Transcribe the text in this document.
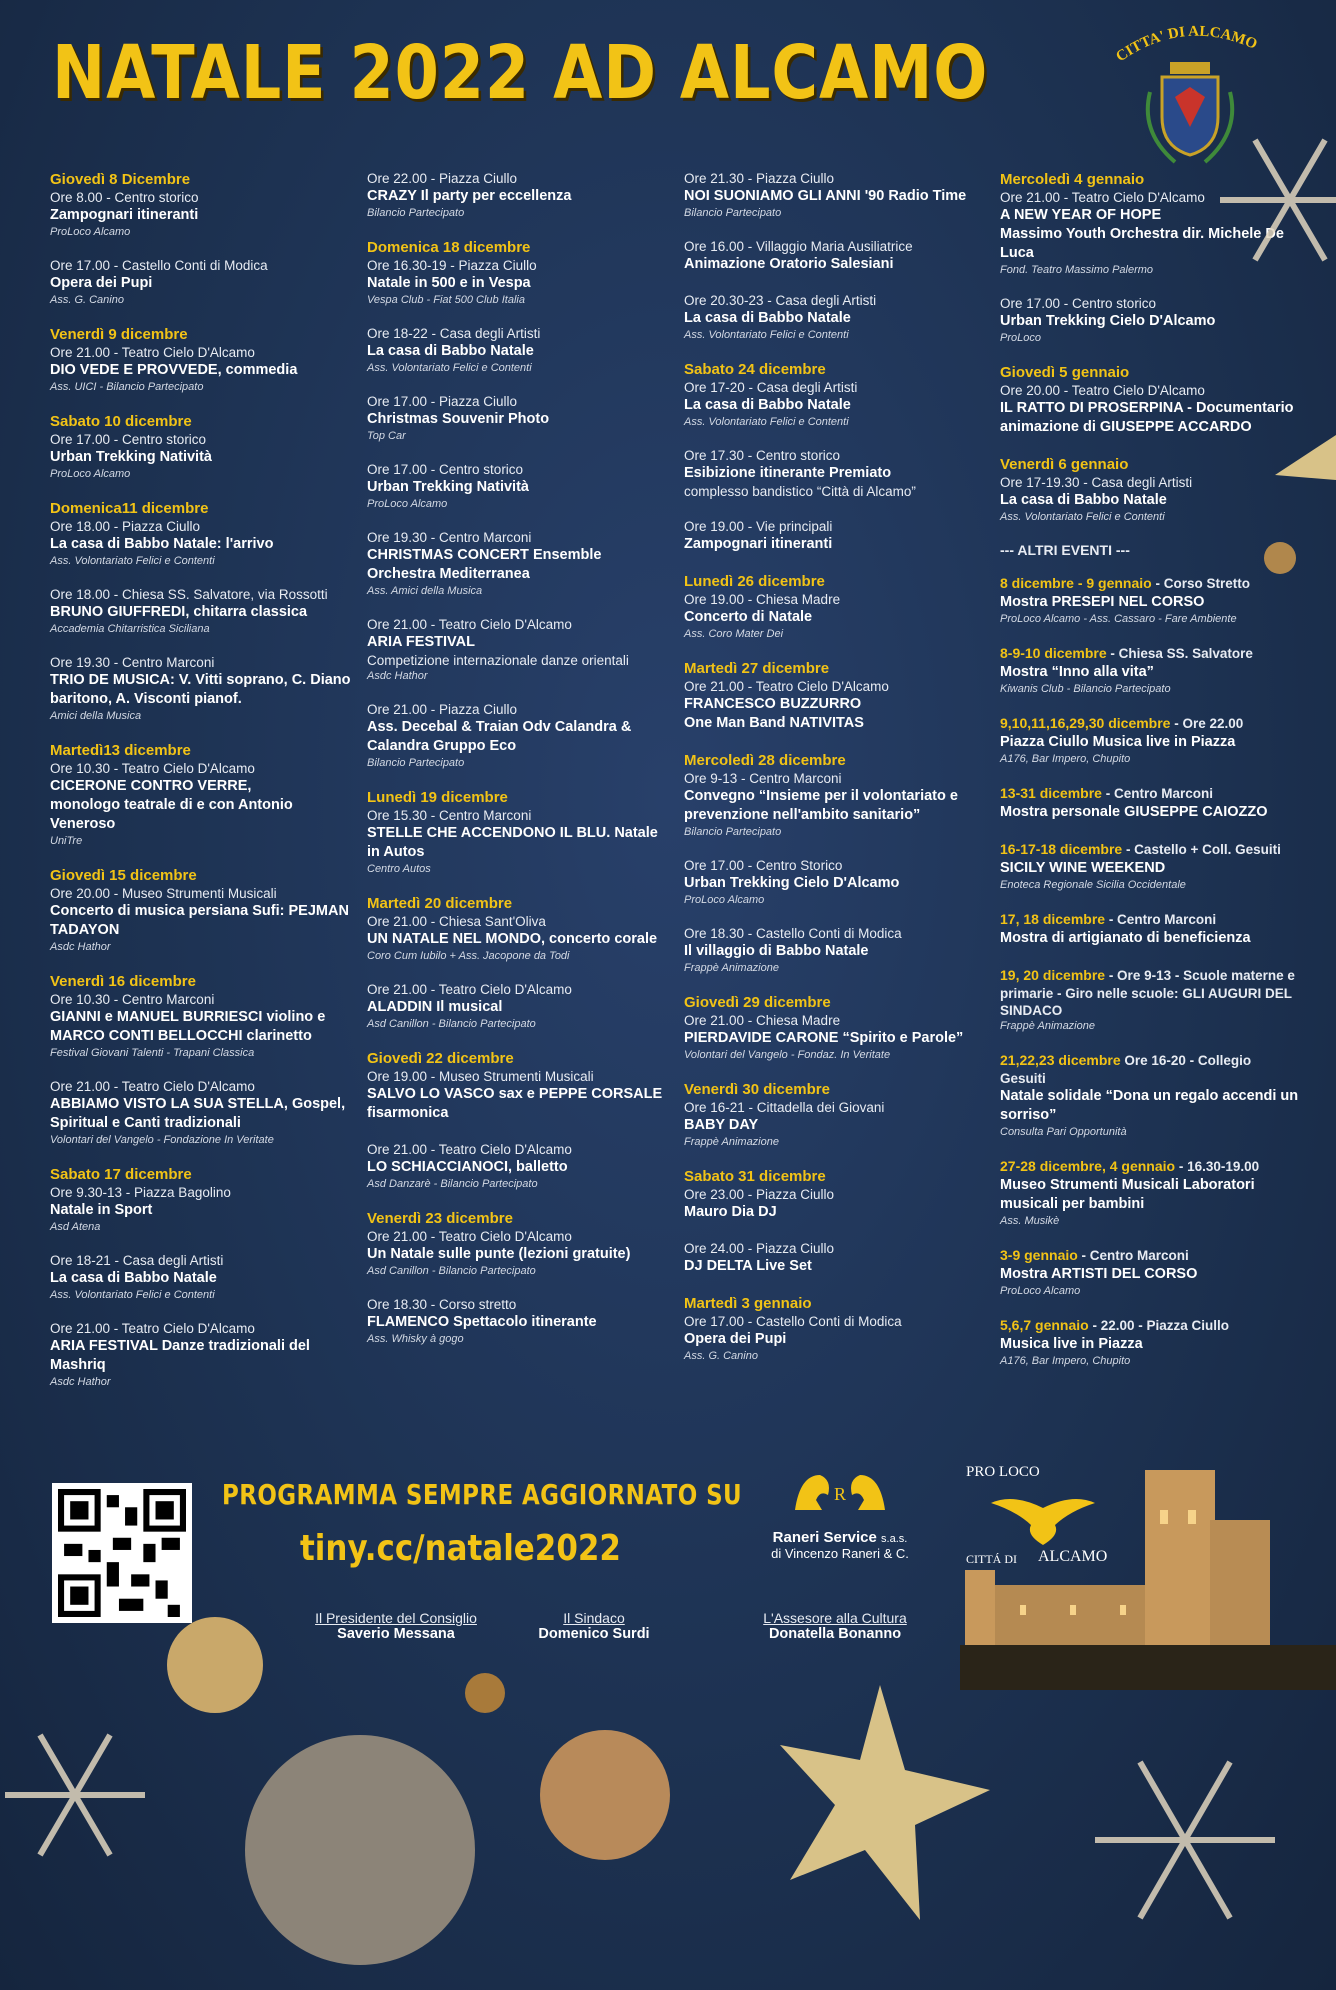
CITTA' DI ALCAMO
NATALE 2022 AD ALCAMO
Giovedì 8 Dicembre
Ore 8.00 - Centro storico
Zampognari itineranti
ProLoco Alcamo
Ore 17.00 - Castello Conti di Modica
Opera dei Pupi
Ass. G. Canino
Venerdì 9 dicembre
Ore 21.00 - Teatro Cielo D'Alcamo
DIO VEDE E PROVVEDE, commedia
Ass. UICI - Bilancio Partecipato
Sabato 10 dicembre
Ore 17.00 - Centro storico
Urban Trekking Natività
ProLoco Alcamo
Domenica11 dicembre
Ore 18.00 - Piazza Ciullo
La casa di Babbo Natale: l'arrivo
Ass. Volontariato Felici e Contenti
Ore 18.00 - Chiesa SS. Salvatore, via Rossotti
BRUNO GIUFFREDI, chitarra classica
Accademia Chitarristica Siciliana
Ore 19.30 - Centro Marconi
TRIO DE MUSICA: V. Vitti soprano, C. Diano baritono, A. Visconti pianof.
Amici della Musica
Martedì13 dicembre
Ore 10.30 - Teatro Cielo D'Alcamo
CICERONE CONTRO VERRE,
monologo teatrale di e con Antonio Veneroso
UniTre
Giovedì 15 dicembre
Ore 20.00 - Museo Strumenti Musicali
Concerto di musica persiana Sufi: PEJMAN TADAYON
Asdc Hathor
Venerdì 16 dicembre
Ore 10.30 - Centro Marconi
GIANNI e MANUEL BURRIESCI violino e MARCO CONTI BELLOCCHI clarinetto
Festival Giovani Talenti - Trapani Classica
Ore 21.00 - Teatro Cielo D'Alcamo
ABBIAMO VISTO LA SUA STELLA, Gospel, Spiritual e Canti tradizionali
Volontari del Vangelo - Fondazione In Veritate
Sabato 17 dicembre
Ore 9.30-13 - Piazza Bagolino
Natale in Sport
Asd Atena
Ore 18-21 - Casa degli Artisti
La casa di Babbo Natale
Ass. Volontariato Felici e Contenti
Ore 21.00 - Teatro Cielo D'Alcamo
ARIA FESTIVAL Danze tradizionali del Mashriq
Asdc Hathor
Ore 22.00 - Piazza Ciullo
CRAZY Il party per eccellenza
Bilancio Partecipato
Domenica 18 dicembre
Ore 16.30-19 - Piazza Ciullo
Natale in 500 e in Vespa
Vespa Club - Fiat 500 Club Italia
Ore 18-22 - Casa degli Artisti
La casa di Babbo Natale
Ass. Volontariato Felici e Contenti
Ore 17.00 - Piazza Ciullo
Christmas Souvenir Photo
Top Car
Ore 17.00 - Centro storico
Urban Trekking Natività
ProLoco Alcamo
Ore 19.30 - Centro Marconi
CHRISTMAS CONCERT Ensemble Orchestra Mediterranea
Ass. Amici della Musica
Ore 21.00 - Teatro Cielo D'Alcamo
ARIA FESTIVAL
Competizione internazionale danze orientali
Asdc Hathor
Ore 21.00 - Piazza Ciullo
Ass. Decebal & Traian Odv Calandra & Calandra Gruppo Eco
Bilancio Partecipato
Lunedì 19 dicembre
Ore 15.30 - Centro Marconi
STELLE CHE ACCENDONO IL BLU. Natale in Autos
Centro Autos
Martedì 20 dicembre
Ore 21.00 - Chiesa Sant'Oliva
UN NATALE NEL MONDO, concerto corale
Coro Cum Iubilo + Ass. Jacopone da Todi
Ore 21.00 - Teatro Cielo D'Alcamo
ALADDIN Il musical
Asd Canillon - Bilancio Partecipato
Giovedì 22 dicembre
Ore 19.00 - Museo Strumenti Musicali
SALVO LO VASCO sax e PEPPE CORSALE fisarmonica
Ore 21.00 - Teatro Cielo D'Alcamo
LO SCHIACCIANOCI, balletto
Asd Danzarè - Bilancio Partecipato
Venerdì 23 dicembre
Ore 21.00 - Teatro Cielo D'Alcamo
Un Natale sulle punte (lezioni gratuite)
Asd Canillon - Bilancio Partecipato
Ore 18.30 - Corso stretto
FLAMENCO Spettacolo itinerante
Ass. Whisky à gogo
Ore 21.30 - Piazza Ciullo
NOI SUONIAMO GLI ANNI '90 Radio Time
Bilancio Partecipato
Ore 16.00 - Villaggio Maria Ausiliatrice
Animazione Oratorio Salesiani
Ore 20.30-23 - Casa degli Artisti
La casa di Babbo Natale
Ass. Volontariato Felici e Contenti
Sabato 24 dicembre
Ore 17-20 - Casa degli Artisti
La casa di Babbo Natale
Ass. Volontariato Felici e Contenti
Ore 17.30 - Centro storico
Esibizione itinerante Premiato
complesso bandistico “Città di Alcamo”
Ore 19.00 - Vie principali
Zampognari itineranti
Lunedì 26 dicembre
Ore 19.00 - Chiesa Madre
Concerto di Natale
Ass. Coro Mater Dei
Martedì 27 dicembre
Ore 21.00 - Teatro Cielo D'Alcamo
FRANCESCO BUZZURRO
One Man Band NATIVITAS
Mercoledì 28 dicembre
Ore 9-13 - Centro Marconi
Convegno “Insieme per il volontariato e prevenzione nell'ambito sanitario”
Bilancio Partecipato
Ore 17.00 - Centro Storico
Urban Trekking Cielo D'Alcamo
ProLoco Alcamo
Ore 18.30 - Castello Conti di Modica
Il villaggio di Babbo Natale
Frappè Animazione
Giovedì 29 dicembre
Ore 21.00 - Chiesa Madre
PIERDAVIDE CARONE “Spirito e Parole”
Volontari del Vangelo - Fondaz. In Veritate
Venerdì 30 dicembre
Ore 16-21 - Cittadella dei Giovani
BABY DAY
Frappè Animazione
Sabato 31 dicembre
Ore 23.00 - Piazza Ciullo
Mauro Dia DJ
Ore 24.00 - Piazza Ciullo
DJ DELTA Live Set
Martedì 3 gennaio
Ore 17.00 - Castello Conti di Modica
Opera dei Pupi
Ass. G. Canino
Mercoledì 4 gennaio
Ore 21.00 - Teatro Cielo D'Alcamo
A NEW YEAR OF HOPE
Massimo Youth Orchestra dir. Michele De Luca
Fond. Teatro Massimo Palermo
Ore 17.00 - Centro storico
Urban Trekking Cielo D'Alcamo
ProLoco
Giovedì 5 gennaio
Ore 20.00 - Teatro Cielo D'Alcamo
IL RATTO DI PROSERPINA - Documentario animazione di GIUSEPPE ACCARDO
Venerdì 6 gennaio
Ore 17-19.30 - Casa degli Artisti
La casa di Babbo Natale
Ass. Volontariato Felici e Contenti
--- ALTRI EVENTI ---
8 dicembre - 9 gennaio - Corso Stretto
Mostra PRESEPI NEL CORSO
ProLoco Alcamo - Ass. Cassaro - Fare Ambiente
8-9-10 dicembre - Chiesa SS. Salvatore
Mostra “Inno alla vita”
Kiwanis Club - Bilancio Partecipato
9,10,11,16,29,30 dicembre - Ore 22.00
Piazza Ciullo Musica live in Piazza
A176, Bar Impero, Chupito
13-31 dicembre - Centro Marconi
Mostra personale GIUSEPPE CAIOZZO
16-17-18 dicembre - Castello + Coll. Gesuiti
SICILY WINE WEEKEND
Enoteca Regionale Sicilia Occidentale
17, 18 dicembre - Centro Marconi
Mostra di artigianato di beneficienza
19, 20 dicembre - Ore 9-13 - Scuole materne e primarie - Giro nelle scuole: GLI AUGURI DEL SINDACO
Frappè Animazione
21,22,23 dicembre Ore 16-20 - Collegio Gesuiti
Natale solidale “Dona un regalo accendi un sorriso”
Consulta Pari Opportunità
27-28 dicembre, 4 gennaio - 16.30-19.00
Museo Strumenti Musicali Laboratori musicali per bambini
Ass. Musikè
3-9 gennaio - Centro Marconi
Mostra ARTISTI DEL CORSO
ProLoco Alcamo
5,6,7 gennaio - 22.00 - Piazza Ciullo
Musica live in Piazza
A176, Bar Impero, Chupito
PROGRAMMA SEMPRE AGGIORNATO SU
tiny.cc/natale2022
Il Presidente del Consiglio
Saverio Messana
Il Sindaco
Domenico Surdi
L'Assesore alla Cultura
Donatella Bonanno
R
Raneri Service s.a.s.
di Vincenzo Raneri & C.
PRO LOCO
CITTÁ DI ALCAMO
